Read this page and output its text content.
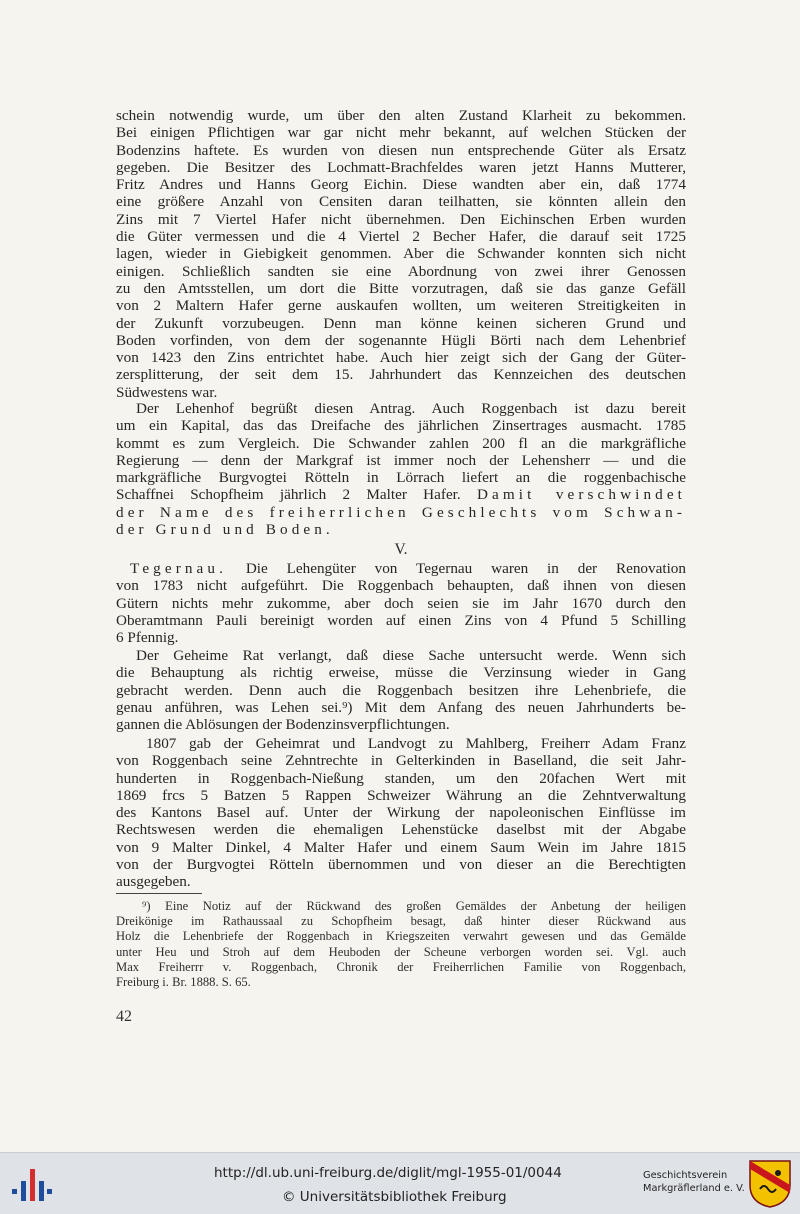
schein notwendig wurde, um über den alten Zustand Klarheit zu bekommen.
Bei einigen Pflichtigen war gar nicht mehr bekannt, auf welchen Stücken der
Bodenzins haftete. Es wurden von diesen nun entsprechende Güter als Ersatz
gegeben. Die Besitzer des Lochmatt-Brachfeldes waren jetzt Hanns Mutterer,
Fritz Andres und Hanns Georg Eichin. Diese wandten aber ein, daß 1774
eine größere Anzahl von Censiten daran teilhatten, sie könnten allein den
Zins mit 7 Viertel Hafer nicht übernehmen. Den Eichinschen Erben wurden
die Güter vermessen und die 4 Viertel 2 Becher Hafer, die darauf seit 1725
lagen, wieder in Giebigkeit genommen. Aber die Schwander konnten sich nicht
einigen. Schließlich sandten sie eine Abordnung von zwei ihrer Genossen
zu den Amtsstellen, um dort die Bitte vorzutragen, daß sie das ganze Gefäll
von 2 Maltern Hafer gerne auskaufen wollten, um weiteren Streitigkeiten in
der Zukunft vorzubeugen. Denn man könne keinen sicheren Grund und
Boden vorfinden, von dem der sogenannte Hügli Börti nach dem Lehenbrief
von 1423 den Zins entrichtet habe. Auch hier zeigt sich der Gang der Güter-
zersplitterung, der seit dem 15. Jahrhundert das Kennzeichen des deutschen
Südwestens war.
Der Lehenhof begrüßt diesen Antrag. Auch Roggenbach ist dazu bereit
um ein Kapital, das das Dreifache des jährlichen Zinsertrages ausmacht. 1785
kommt es zum Vergleich. Die Schwander zahlen 200 fl an die markgräfliche
Regierung — denn der Markgraf ist immer noch der Lehensherr — und die
markgräfliche Burgvogtei Rötteln in Lörrach liefert an die roggenbachische
Schaffnei Schopfheim jährlich 2 Malter Hafer. Damit verschwindet
der Name des freiherrlichen Geschlechts vom Schwan-
der Grund und Boden.
V.
Tegernau. Die Lehengüter von Tegernau waren in der Renovation
von 1783 nicht aufgeführt. Die Roggenbach behaupten, daß ihnen von diesen
Gütern nichts mehr zukomme, aber doch seien sie im Jahr 1670 durch den
Oberamtmann Pauli bereinigt worden auf einen Zins von 4 Pfund 5 Schilling
6 Pfennig.
Der Geheime Rat verlangt, daß diese Sache untersucht werde. Wenn sich
die Behauptung als richtig erweise, müsse die Verzinsung wieder in Gang
gebracht werden. Denn auch die Roggenbach besitzen ihre Lehenbriefe, die
genau anführen, was Lehen sei.⁹) Mit dem Anfang des neuen Jahrhunderts be-
gannen die Ablösungen der Bodenzinsverpflichtungen.
1807 gab der Geheimrat und Landvogt zu Mahlberg, Freiherr Adam Franz
von Roggenbach seine Zehntrechte in Gelterkinden in Baselland, die seit Jahr-
hunderten in Roggenbach-Nießung standen, um den 20fachen Wert mit
1869 frcs 5 Batzen 5 Rappen Schweizer Währung an die Zehntverwaltung
des Kantons Basel auf. Unter der Wirkung der napoleonischen Einflüsse im
Rechtswesen werden die ehemaligen Lehenstücke daselbst mit der Abgabe
von 9 Malter Dinkel, 4 Malter Hafer und einem Saum Wein im Jahre 1815
von der Burgvogtei Rötteln übernommen und von dieser an die Berechtigten
ausgegeben.
⁹) Eine Notiz auf der Rückwand des großen Gemäldes der Anbetung der heiligen
Dreikönige im Rathaussaal zu Schopfheim besagt, daß hinter dieser Rückwand aus
Holz die Lehenbriefe der Roggenbach in Kriegszeiten verwahrt gewesen und das Gemälde
unter Heu und Stroh auf dem Heuboden der Scheune verborgen worden sei. Vgl. auch
Max Freiherrr v. Roggenbach, Chronik der Freiherrlichen Familie von Roggenbach,
Freiburg i. Br. 1888. S. 65.
42
http://dl.ub.uni-freiburg.de/diglit/mgl-1955-01/0044
© Universitätsbibliothek Freiburg
Geschichtsverein
Markgräflerland e. V.
